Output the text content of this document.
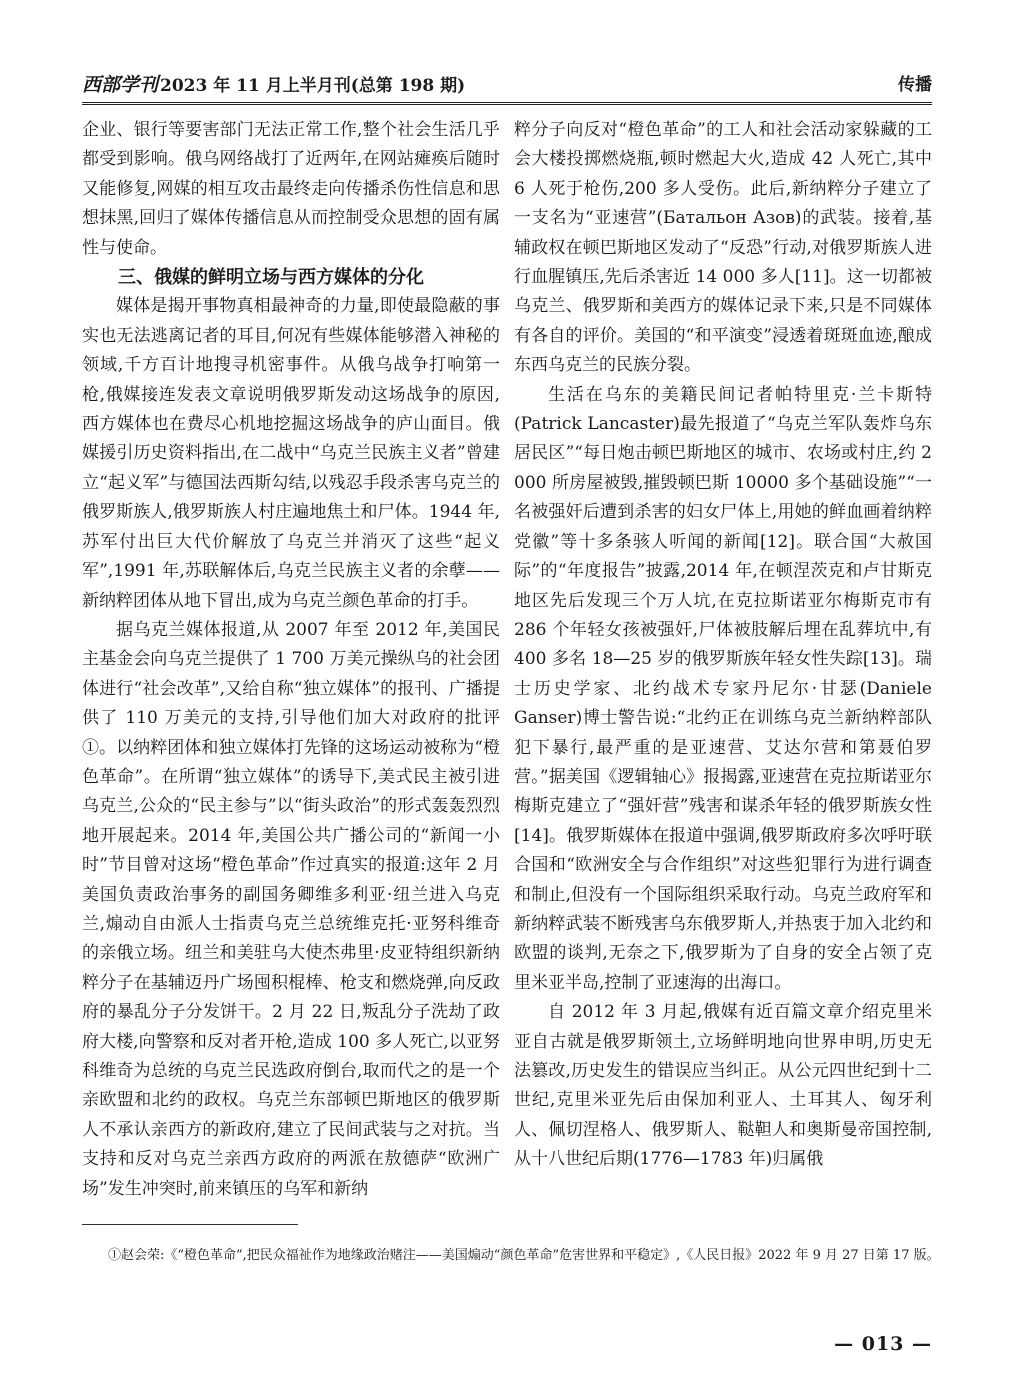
西部学刊 2023 年 11 月上半月刊(总第 198 期)	传播

企业、银行等要害部门无法正常工作,整个社会生活几乎都受到影响。俄乌网络战打了近两年,在网站瘫痪后随时又能修复,网媒的相互攻击最终走向传播杀伤性信息和思想抹黑,回归了媒体传播信息从而控制受众思想的固有属性与使命。

三、俄媒的鲜明立场与西方媒体的分化

媒体是揭开事物真相最神奇的力量,即使最隐蔽的事实也无法逃离记者的耳目,何况有些媒体能够潜入神秘的领域,千方百计地搜寻机密事件。从俄乌战争打响第一枪,俄媒接连发表文章说明俄罗斯发动这场战争的原因,西方媒体也在费尽心机地挖掘这场战争的庐山面目。俄媒援引历史资料指出,在二战中“乌克兰民族主义者”曾建立“起义军”与德国法西斯勾结,以残忍手段杀害乌克兰的俄罗斯族人,俄罗斯族人村庄遍地焦土和尸体。1944 年,苏军付出巨大代价解放了乌克兰并消灭了这些“起义军”,1991 年,苏联解体后,乌克兰民族主义者的余孽——新纳粹团体从地下冒出,成为乌克兰颜色革命的打手。

据乌克兰媒体报道,从 2007 年至 2012 年,美国民主基金会向乌克兰提供了 1 700 万美元操纵乌的社会团体进行“社会改革”,又给自称“独立媒体”的报刊、广播提供了 110 万美元的支持,引导他们加大对政府的批评①。以纳粹团体和独立媒体打先锋的这场运动被称为“橙色革命”。在所谓“独立媒体”的诱导下,美式民主被引进乌克兰,公众的“民主参与”以“街头政治”的形式轰轰烈烈地开展起来。2014 年,美国公共广播公司的“新闻一小时”节目曾对这场“橙色革命”作过真实的报道:这年 2 月美国负责政治事务的副国务卿维多利亚·纽兰进入乌克兰,煽动自由派人士指责乌克兰总统维克托·亚努科维奇的亲俄立场。纽兰和美驻乌大使杰弗里·皮亚特组织新纳粹分子在基辅迈丹广场囤积棍棒、枪支和燃烧弹,向反政府的暴乱分子分发饼干。2 月 22 日,叛乱分子洗劫了政府大楼,向警察和反对者开枪,造成 100 多人死亡,以亚努科维奇为总统的乌克兰民选政府倒台,取而代之的是一个亲欧盟和北约的政权。乌克兰东部顿巴斯地区的俄罗斯人不承认亲西方的新政府,建立了民间武装与之对抗。当支持和反对乌克兰亲西方政府的两派在敖德萨“欧洲广场”发生冲突时,前来镇压的乌军和新纳

粹分子向反对“橙色革命”的工人和社会活动家躲藏的工会大楼投掷燃烧瓶,顿时燃起大火,造成 42 人死亡,其中 6 人死于枪伤,200 多人受伤。此后,新纳粹分子建立了一支名为“亚速营”(Батальон Азов)的武装。接着,基辅政权在顿巴斯地区发动了“反恐”行动,对俄罗斯族人进行血腥镇压,先后杀害近 14 000 多人[11]。这一切都被乌克兰、俄罗斯和美西方的媒体记录下来,只是不同媒体有各自的评价。美国的“和平演变”浸透着斑斑血迹,酿成东西乌克兰的民族分裂。

生活在乌东的美籍民间记者帕特里克·兰卡斯特(Patrick Lancaster)最先报道了“乌克兰军队轰炸乌东居民区”“每日炮击顿巴斯地区的城市、农场或村庄,约 2 000 所房屋被毁,摧毁顿巴斯 10000 多个基础设施”“一名被强奸后遭到杀害的妇女尸体上,用她的鲜血画着纳粹党徽”等十多条骇人听闻的新闻[12]。联合国“大赦国际”的“年度报告”披露,2014 年,在顿涅茨克和卢甘斯克地区先后发现三个万人坑,在克拉斯诺亚尔梅斯克市有 286 个年轻女孩被强奸,尸体被肢解后埋在乱葬坑中,有 400 多名 18—25 岁的俄罗斯族年轻女性失踪[13]。瑞士历史学家、北约战术专家丹尼尔·甘瑟(Daniele Ganser)博士警告说:“北约正在训练乌克兰新纳粹部队犯下暴行,最严重的是亚速营、艾达尔营和第聂伯罗营。”据美国《逻辑轴心》报揭露,亚速营在克拉斯诺亚尔梅斯克建立了“强奸营”残害和谋杀年轻的俄罗斯族女性[14]。俄罗斯媒体在报道中强调,俄罗斯政府多次呼吁联合国和“欧洲安全与合作组织”对这些犯罪行为进行调查和制止,但没有一个国际组织采取行动。乌克兰政府军和新纳粹武装不断残害乌东俄罗斯人,并热衷于加入北约和欧盟的谈判,无奈之下,俄罗斯为了自身的安全占领了克里米亚半岛,控制了亚速海的出海口。

自 2012 年 3 月起,俄媒有近百篇文章介绍克里米亚自古就是俄罗斯领土,立场鲜明地向世界申明,历史无法篡改,历史发生的错误应当纠正。从公元四世纪到十二世纪,克里米亚先后由保加利亚人、土耳其人、匈牙利人、佩切涅格人、俄罗斯人、鞑靼人和奥斯曼帝国控制,从十八世纪后期(1776—1783 年)归属俄

①赵会荣:《“橙色革命”,把民众福祉作为地缘政治赌注——美国煽动“颜色革命”危害世界和平稳定》,《人民日报》2022 年 9 月 27 日第 17 版。
— 013 —
